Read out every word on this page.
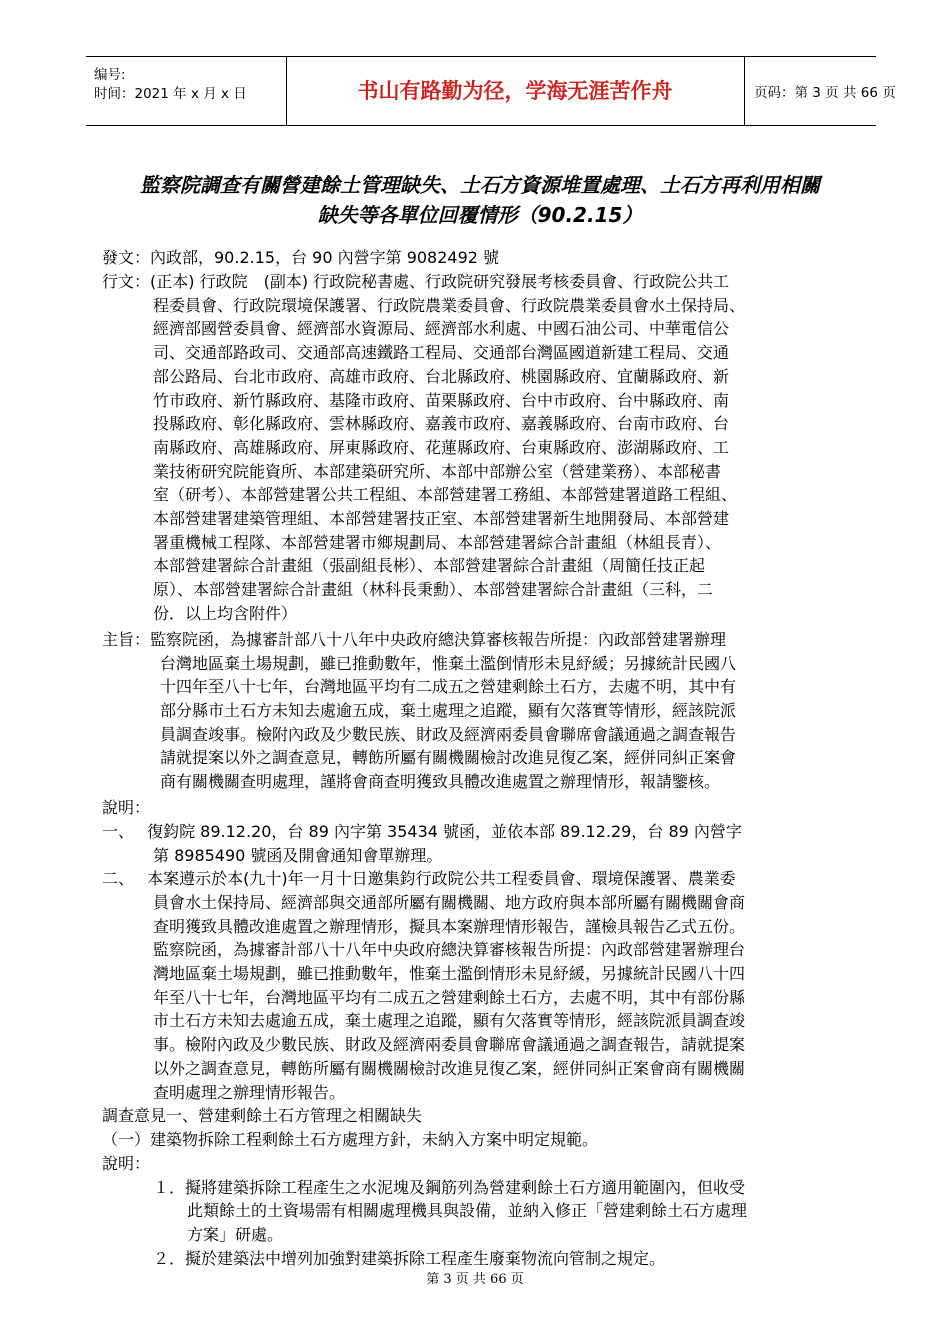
编号:
时间：2021 年 x 月 x 日	书山有路勤为径，学海无涯苦作舟	页码：第 3 页 共 66 页
監察院調查有關營建餘土管理缺失、土石方資源堆置處理、土石方再利用相關
缺失等各單位回覆情形（90.2.15）
發文：內政部，90.2.15，台 90 內營字第 9082492 號
行文：(正本) 行政院　(副本) 行政院秘書處、行政院研究發展考核委員會、行政院公共工
程委員會、行政院環境保護署、行政院農業委員會、行政院農業委員會水土保持局、
經濟部國營委員會、經濟部水資源局、經濟部水利處、中國石油公司、中華電信公
司、交通部路政司、交通部高速鐵路工程局、交通部台灣區國道新建工程局、交通
部公路局、台北市政府、高雄市政府、台北縣政府、桃園縣政府、宜蘭縣政府、新
竹市政府、新竹縣政府、基隆市政府、苗栗縣政府、台中市政府、台中縣政府、南
投縣政府、彰化縣政府、雲林縣政府、嘉義市政府、嘉義縣政府、台南市政府、台
南縣政府、高雄縣政府、屏東縣政府、花蓮縣政府、台東縣政府、澎湖縣政府、工
業技術研究院能資所、本部建築研究所、本部中部辦公室（營建業務）、本部秘書
室（研考）、本部營建署公共工程組、本部營建署工務組、本部營建署道路工程組、
本部營建署建築管理組、本部營建署技正室、本部營建署新生地開發局、本部營建
署重機械工程隊、本部營建署市鄉規劃局、本部營建署綜合計畫組（林組長青）、
本部營建署綜合計畫組（張副組長彬）、本部營建署綜合計畫組（周簡任技正起
原）、本部營建署綜合計畫組（林科長秉勳）、本部營建署綜合計畫組（三科，二
份．以上均含附件）
主旨：監察院函，為據審計部八十八年中央政府總決算審核報告所提：內政部營建署辦理
台灣地區棄土場規劃，雖已推動數年，惟棄土濫倒情形未見紓緩；另據統計民國八
十四年至八十七年，台灣地區平均有二成五之營建剩餘土石方，去處不明，其中有
部分縣市土石方未知去處逾五成，棄土處理之追蹤，顯有欠落實等情形，經該院派
員調查竣事。檢附內政及少數民族、財政及經濟兩委員會聯席會議通過之調查報告
請就提案以外之調查意見，轉飭所屬有關機關檢討改進見復乙案，經併同糾正案會
商有關機關查明處理，謹將會商查明獲致具體改進處置之辦理情形，報請鑒核。
說明：
一、　 復鈞院 89.12.20，台 89 內字第 35434 號函，並依本部 89.12.29，台 89 內營字
第 8985490 號函及開會通知會單辦理。
二、　 本案遵示於本(九十)年一月十日邀集鈞行政院公共工程委員會、環境保護署、農業委
員會水土保持局、經濟部與交通部所屬有關機關、地方政府與本部所屬有關機關會商
查明獲致具體改進處置之辦理情形，擬具本案辦理情形報告，謹檢具報告乙式五份。
監察院函，為據審計部八十八年中央政府總決算審核報告所提：內政部營建署辦理台
灣地區棄土場規劃，雖已推動數年，惟棄土濫倒情形未見紓緩，另據統計民國八十四
年至八十七年，台灣地區平均有二成五之營建剩餘土石方，去處不明，其中有部份縣
市土石方未知去處逾五成，棄土處理之追蹤，顯有欠落實等情形，經該院派員調查竣
事。檢附內政及少數民族、財政及經濟兩委員會聯席會議通過之調查報告，請就提案
以外之調查意見，轉飭所屬有關機關檢討改進見復乙案，經併同糾正案會商有關機關
查明處理之辦理情形報告。
調查意見一、營建剩餘土石方管理之相關缺失
（一）建築物拆除工程剩餘土石方處理方針，未納入方案中明定規範。
說明：
１．擬將建築拆除工程產生之水泥塊及鋼筋列為營建剩餘土石方適用範圍內，但收受
此類餘土的土資場需有相關處理機具與設備，並納入修正「營建剩餘土石方處理
方案」研處。
２．擬於建築法中增列加強對建築拆除工程產生廢棄物流向管制之規定。
第 3 页 共 66 页
